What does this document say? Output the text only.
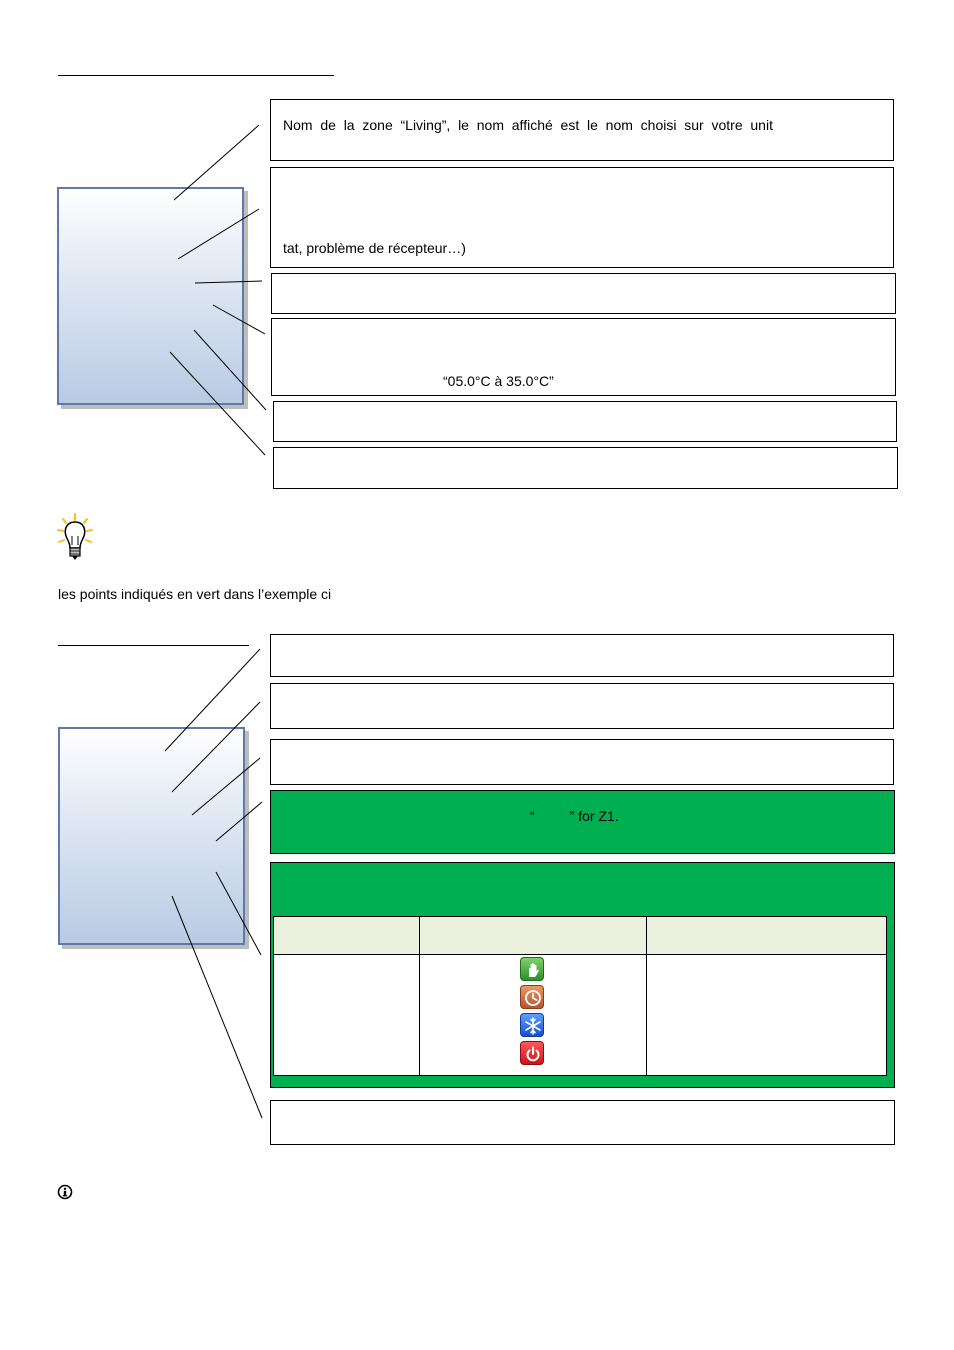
Nom  de  la  zone  “Living”,  le  nom  affiché  est  le  nom  choisi  sur  votre  unit
tat, problème de récepteur…)
“05.0°C à 35.0°C”
les points indiqués en vert dans l’exemple ci
“         ” for Z1.
